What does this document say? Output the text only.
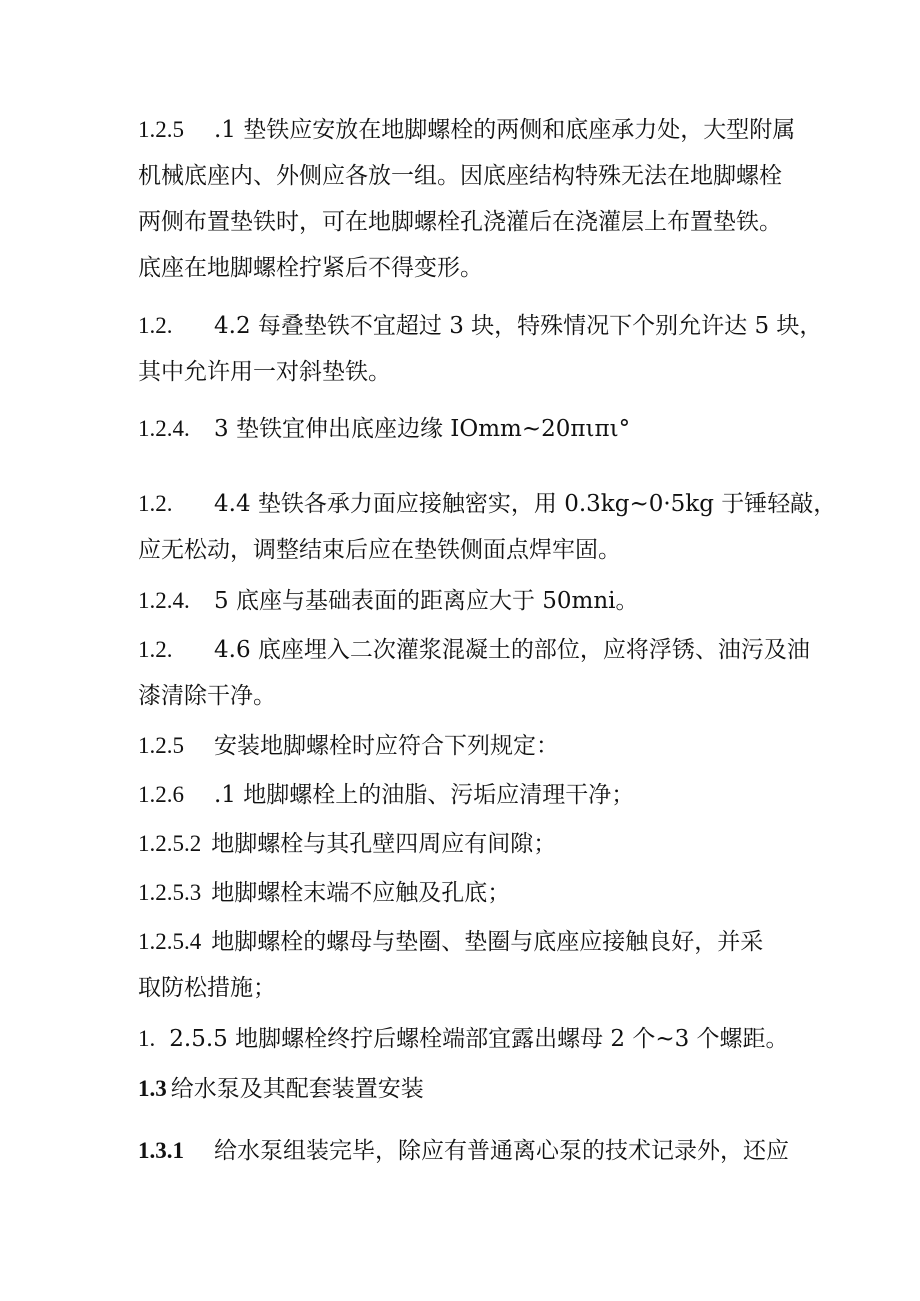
1.2.5 .1 垫铁应安放在地脚螺栓的两侧和底座承力处，大型附属
机械底座内、外侧应各放一组。因底座结构特殊无法在地脚螺栓
两侧布置垫铁时，可在地脚螺栓孔浇灌后在浇灌层上布置垫铁。
底座在地脚螺栓拧紧后不得变形。
1.2. 4.2 每叠垫铁不宜超过 3 块，特殊情况下个别允许达 5 块，
其中允许用一对斜垫铁。
1.2.4. 3 垫铁宜伸出底座边缘 IOmm~20πιπι°
1.2. 4.4 垫铁各承力面应接触密实，用 0.3kg~0·5kg 于锤轻敲，
应无松动，调整结束后应在垫铁侧面点焊牢固。
1.2.4. 5 底座与基础表面的距离应大于 50mni。
1.2. 4.6 底座埋入二次灌浆混凝土的部位，应将浮锈、油污及油
漆清除干净。
1.2.5 安装地脚螺栓时应符合下列规定：
1.2.6 .1 地脚螺栓上的油脂、污垢应清理干净；
1.2.5.2 地脚螺栓与其孔壁四周应有间隙；
1.2.5.3 地脚螺栓末端不应触及孔底；
1.2.5.4 地脚螺栓的螺母与垫圈、垫圈与底座应接触良好，并采
取防松措施；
1. 2.5.5 地脚螺栓终拧后螺栓端部宜露出螺母 2 个~3 个螺距。
1.3 给水泵及其配套装置安装
1.3.1 给水泵组装完毕，除应有普通离心泵的技术记录外，还应
